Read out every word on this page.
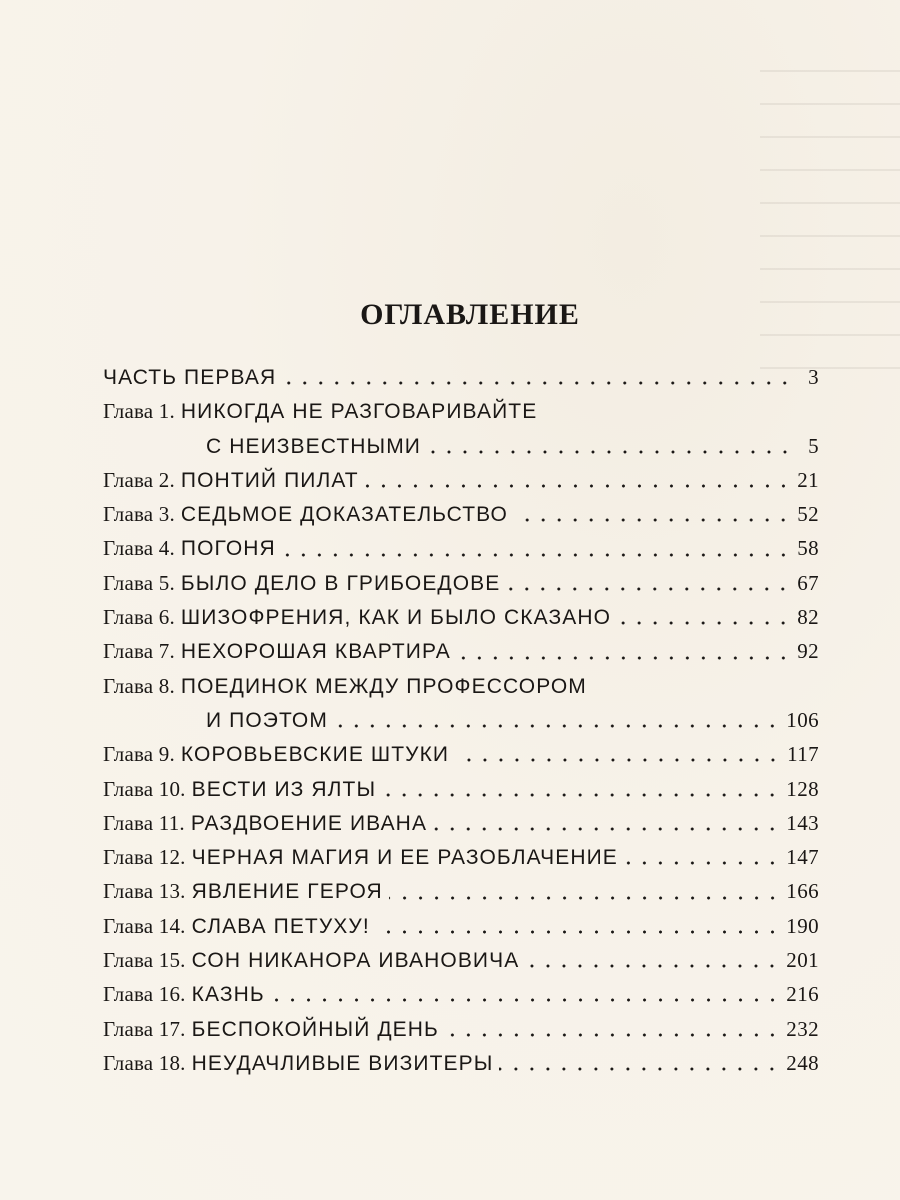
ОГЛАВЛЕНИЕ
ЧАСТЬ ПЕРВАЯ	3
Глава 1. НИКОГДА НЕ РАЗГОВАРИВАЙТЕ
С НЕИЗВЕСТНЫМИ	5
Глава 2. ПОНТИЙ ПИЛАТ	21
Глава 3. СЕДЬМОЕ ДОКАЗАТЕЛЬСТВО	52
Глава 4. ПОГОНЯ	58
Глава 5. БЫЛО ДЕЛО В ГРИБОЕДОВЕ	67
Глава 6. ШИЗОФРЕНИЯ, КАК И БЫЛО СКАЗАНО	82
Глава 7. НЕХОРОШАЯ КВАРТИРА	92
Глава 8. ПОЕДИНОК МЕЖДУ ПРОФЕССОРОМ
И ПОЭТОМ	106
Глава 9. КОРОВЬЕВСКИЕ ШТУКИ	117
Глава 10. ВЕСТИ ИЗ ЯЛТЫ	128
Глава 11. РАЗДВОЕНИЕ ИВАНА	143
Глава 12. ЧЕРНАЯ МАГИЯ И ЕЕ РАЗОБЛАЧЕНИЕ	147
Глава 13. ЯВЛЕНИЕ ГЕРОЯ	166
Глава 14. СЛАВА ПЕТУХУ!	190
Глава 15. СОН НИКАНОРА ИВАНОВИЧА	201
Глава 16. КАЗНЬ	216
Глава 17. БЕСПОКОЙНЫЙ ДЕНЬ	232
Глава 18. НЕУДАЧЛИВЫЕ ВИЗИТЕРЫ	248
